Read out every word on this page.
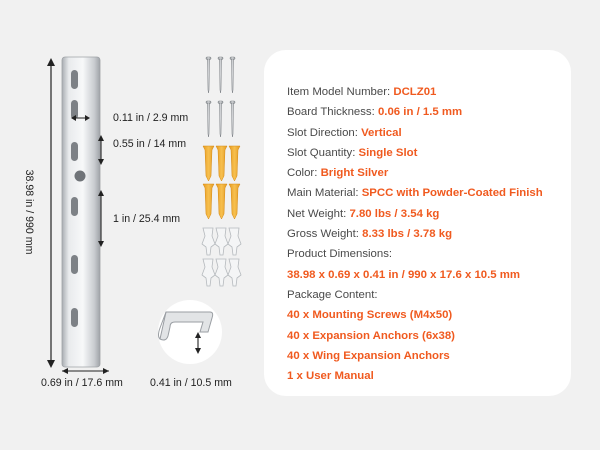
0.11 in / 2.9 mm
0.55 in / 14 mm
1 in / 25.4 mm
38.98 in / 990 mm
0.69 in / 17.6 mm	0.41 in / 10.5 mm
Item Model Number: DCLZ01
Board Thickness: 0.06 in / 1.5 mm
Slot Direction: Vertical
Slot Quantity: Single Slot
Color: Bright Silver
Main Material: SPCC with Powder-Coated Finish
Net Weight: 7.80 lbs / 3.54 kg
Gross Weight: 8.33 lbs / 3.78 kg
Product Dimensions:
38.98 x 0.69 x 0.41 in / 990 x 17.6 x 10.5 mm
Package Content:
40 x Mounting Screws (M4x50)
40 x Expansion Anchors (6x38)
40 x Wing Expansion Anchors
1 x User Manual
